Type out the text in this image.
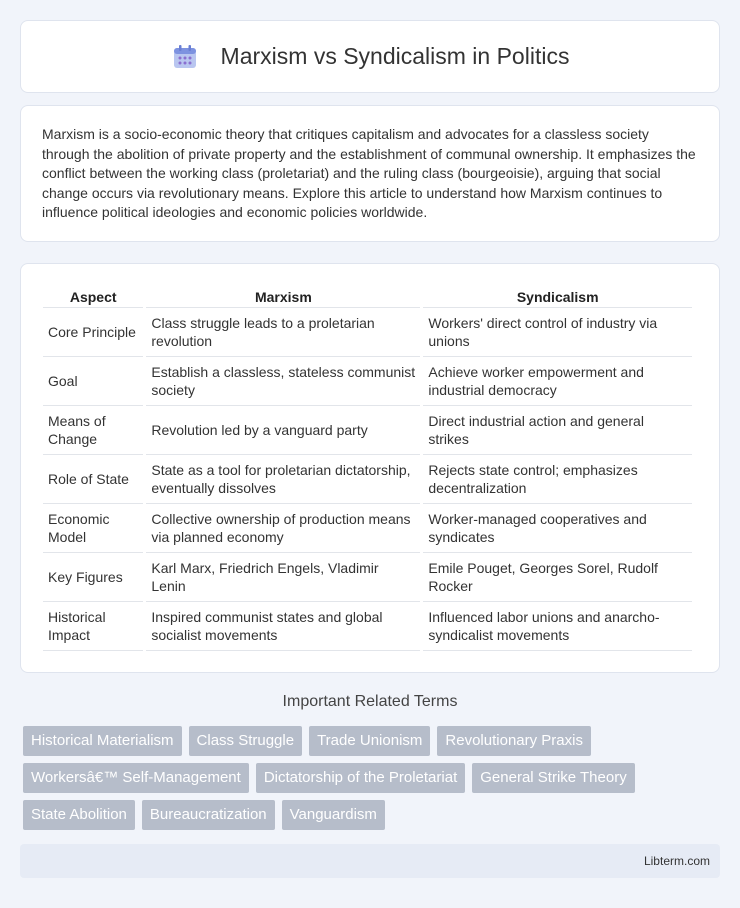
Marxism vs Syndicalism in Politics

Marxism is a socio-economic theory that critiques capitalism and advocates for a classless society through the abolition of private property and the establishment of communal ownership. It emphasizes the conflict between the working class (proletariat) and the ruling class (bourgeoisie), arguing that social change occurs via revolutionary means. Explore this article to understand how Marxism continues to influence political ideologies and economic policies worldwide.

Aspect	Marxism	Syndicalism
Core Principle	Class struggle leads to a proletarian revolution	Workers' direct control of industry via unions
Goal	Establish a classless, stateless communist society	Achieve worker empowerment and industrial democracy
Means of Change	Revolution led by a vanguard party	Direct industrial action and general strikes
Role of State	State as a tool for proletarian dictatorship, eventually dissolves	Rejects state control; emphasizes decentralization
Economic Model	Collective ownership of production means via planned economy	Worker-managed cooperatives and syndicates
Key Figures	Karl Marx, Friedrich Engels, Vladimir Lenin	Emile Pouget, Georges Sorel, Rudolf Rocker
Historical Impact	Inspired communist states and global socialist movements	Influenced labor unions and anarcho-syndicalist movements
Important Related Terms
Historical Materialism	Class Struggle	Trade Unionism	Revolutionary Praxis
Workersâ€™ Self-Management	Dictatorship of the Proletariat	General Strike Theory
State Abolition	Bureaucratization	Vanguardism
Libterm.com
